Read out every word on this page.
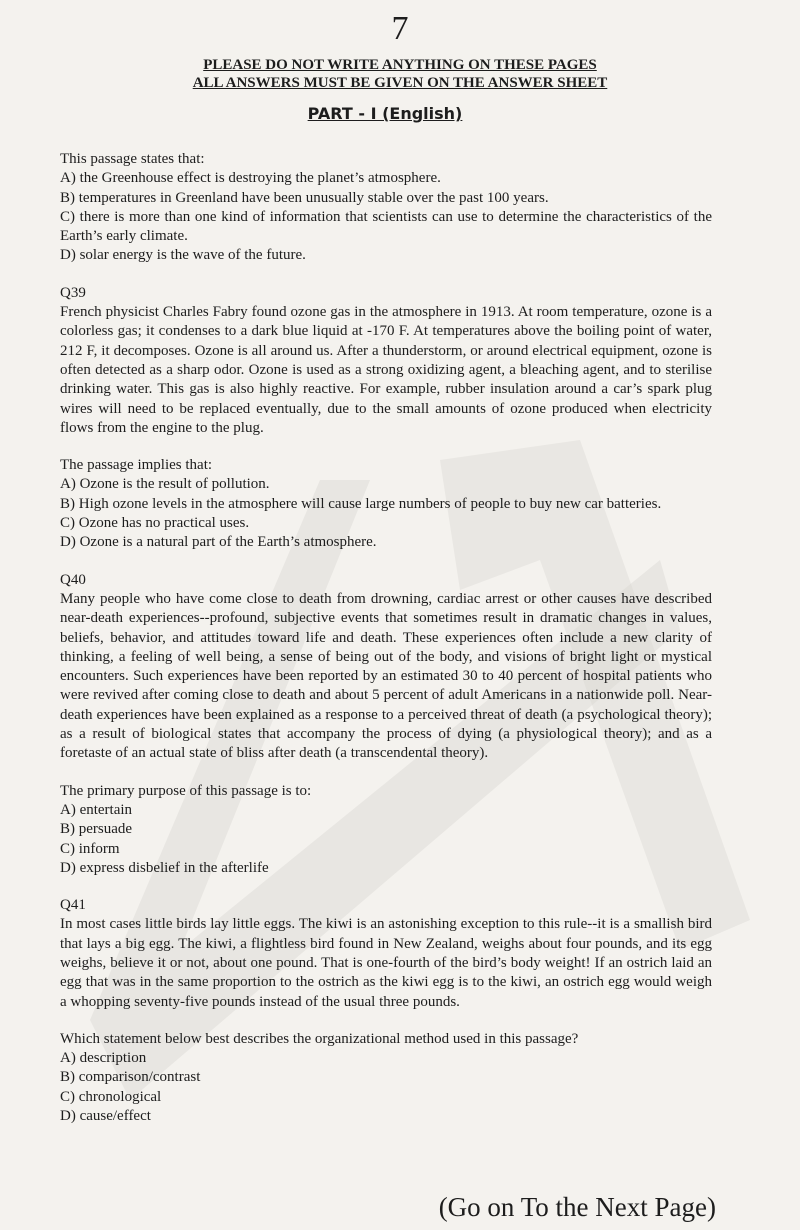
7
PLEASE DO NOT WRITE ANYTHING ON THESE PAGES
ALL ANSWERS MUST BE GIVEN ON THE ANSWER SHEET
PART - I (English)

This passage states that:

A) the Greenhouse effect is destroying the planet’s atmosphere.

B) temperatures in Greenland have been unusually stable over the past 100 years.

C) there is more than one kind of information that scientists can use to determine the characteristics of the Earth’s early climate.

D) solar energy is the wave of the future.

Q39

French physicist Charles Fabry found ozone gas in the atmosphere in 1913. At room temperature, ozone is a colorless gas; it condenses to a dark blue liquid at -170 F. At temperatures above the boiling point of water, 212 F, it decomposes. Ozone is all around us. After a thunderstorm, or around electrical equipment, ozone is often detected as a sharp odor. Ozone is used as a strong oxidizing agent, a bleaching agent, and to sterilise drinking water. This gas is also highly reactive. For example, rubber insulation around a car’s spark plug wires will need to be replaced eventually, due to the small amounts of ozone produced when electricity flows from the engine to the plug.

The passage implies that:

A) Ozone is the result of pollution.

B) High ozone levels in the atmosphere will cause large numbers of people to buy new car batteries.

C) Ozone has no practical uses.

D) Ozone is a natural part of the Earth’s atmosphere.

Q40

Many people who have come close to death from drowning, cardiac arrest or other causes have described near-death experiences--profound, subjective events that sometimes result in dramatic changes in values, beliefs, behavior, and attitudes toward life and death. These experiences often include a new clarity of thinking, a feeling of well being, a sense of being out of the body, and visions of bright light or mystical encounters. Such experiences have been reported by an estimated 30 to 40 percent of hospital patients who were revived after coming close to death and about 5 percent of adult Americans in a nationwide poll. Near-death experiences have been explained as a response to a perceived threat of death (a psychological theory); as a result of biological states that accompany the process of dying (a physiological theory); and as a foretaste of an actual state of bliss after death (a transcendental theory).

The primary purpose of this passage is to:

A) entertain

B) persuade

C) inform

D) express disbelief in the afterlife

Q41

In most cases little birds lay little eggs. The kiwi is an astonishing exception to this rule--it is a smallish bird that lays a big egg. The kiwi, a flightless bird found in New Zealand, weighs about four pounds, and its egg weighs, believe it or not, about one pound. That is one-fourth of the bird’s body weight! If an ostrich laid an egg that was in the same proportion to the ostrich as the kiwi egg is to the kiwi, an ostrich egg would weigh a whopping seventy-five pounds instead of the usual three pounds.

Which statement below best describes the organizational method used in this passage?

A) description

B) comparison/contrast

C) chronological

D) cause/effect

(Go on To the Next Page)
